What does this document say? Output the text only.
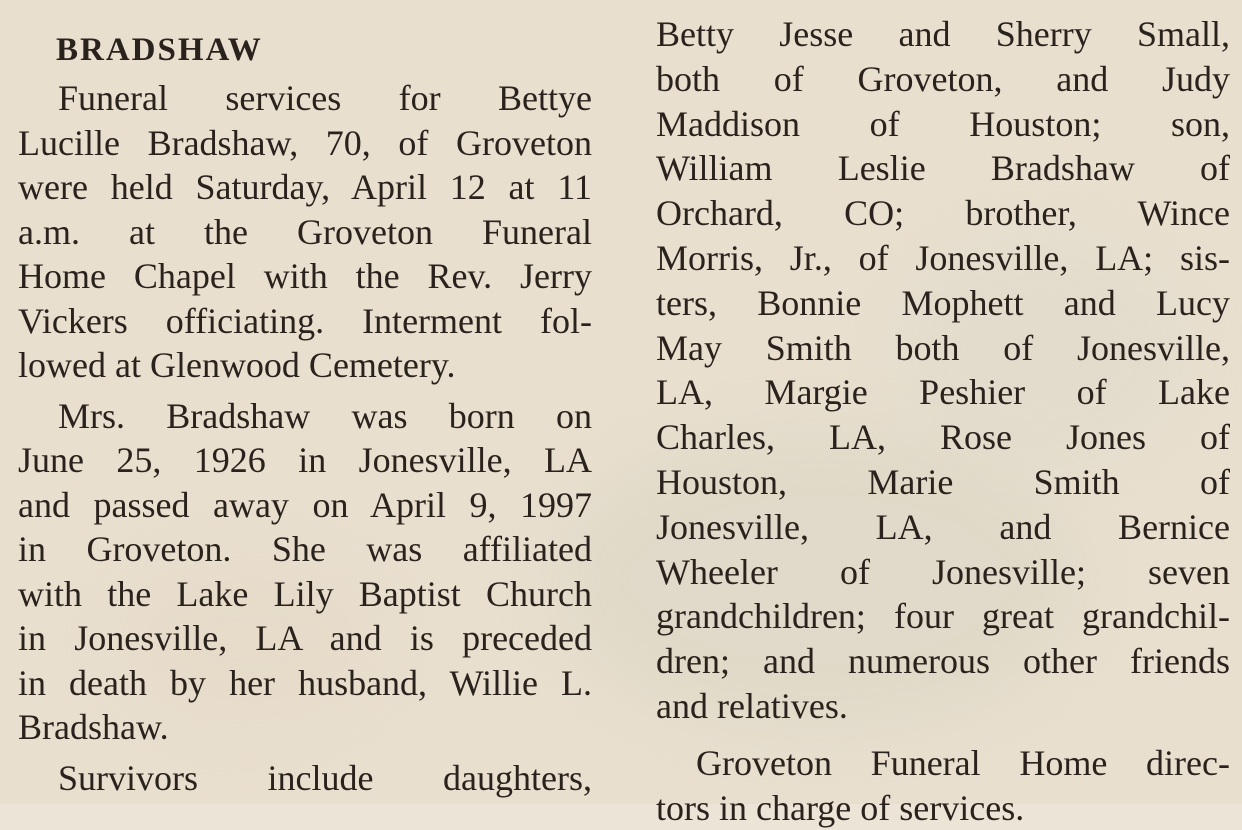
BRADSHAW
Funeral services for Bettye
Lucille Bradshaw, 70, of Groveton
were held Saturday, April 12 at 11
a.m. at the Groveton Funeral
Home Chapel with the Rev. Jerry
Vickers officiating. Interment fol-
lowed at Glenwood Cemetery.
Mrs. Bradshaw was born on
June 25, 1926 in Jonesville, LA
and passed away on April 9, 1997
in Groveton. She was affiliated
with the Lake Lily Baptist Church
in Jonesville, LA and is preceded
in death by her husband, Willie L.
Bradshaw.
Survivors include daughters,
Betty Jesse and Sherry Small,
both of Groveton, and Judy
Maddison of Houston; son,
William Leslie Bradshaw of
Orchard, CO; brother, Wince
Morris, Jr., of Jonesville, LA; sis-
ters, Bonnie Mophett and Lucy
May Smith both of Jonesville,
LA, Margie Peshier of Lake
Charles, LA, Rose Jones of
Houston, Marie Smith of
Jonesville, LA, and Bernice
Wheeler of Jonesville; seven
grandchildren; four great grandchil-
dren; and numerous other friends
and relatives.
Groveton Funeral Home direc-
tors in charge of services.
